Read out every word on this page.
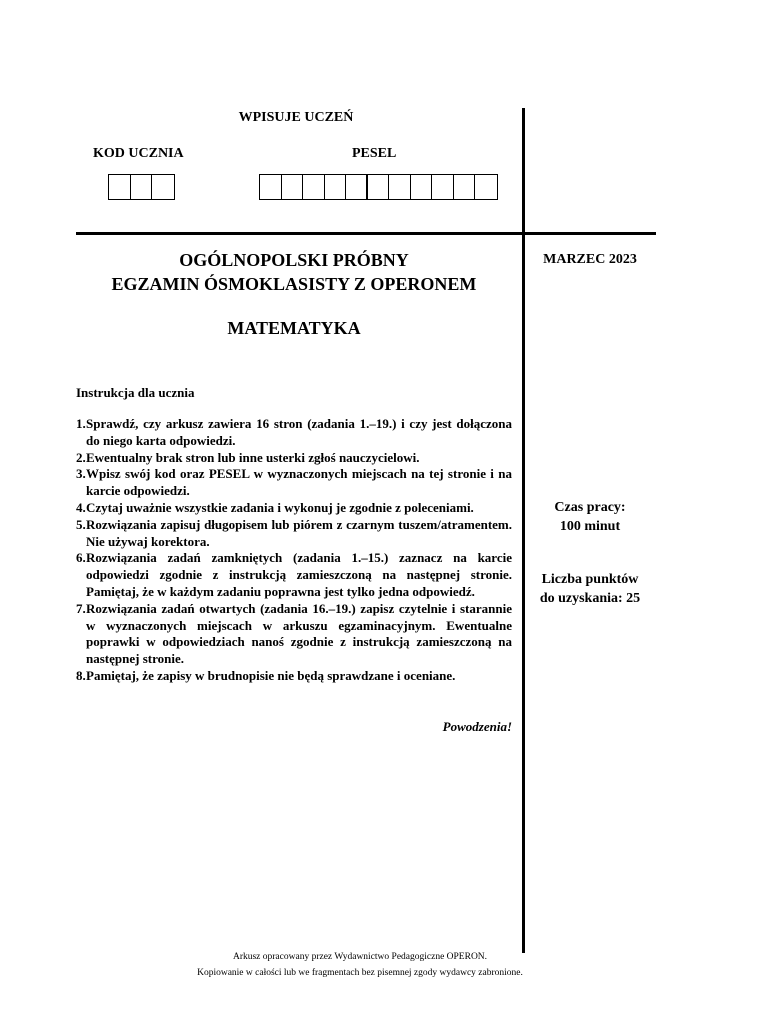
WPISUJE UCZEŃ
KOD UCZNIA	PESEL
OGÓLNOPOLSKI PRÓBNY
EGZAMIN ÓSMOKLASISTY Z OPERONEM
MATEMATYKA
MARZEC 2023
Czas pracy:
100 minut
Liczba punktów
do uzyskania: 25
Instrukcja dla ucznia
1. Sprawdź, czy arkusz zawiera 16 stron (zadania 1.–19.) i czy jest dołączona do niego karta odpowiedzi.
2. Ewentualny brak stron lub inne usterki zgłoś nauczycielowi.
3. Wpisz swój kod oraz PESEL w wyznaczonych miejscach na tej stronie i na karcie odpowiedzi.
4. Czytaj uważnie wszystkie zadania i wykonuj je zgodnie z poleceniami.
5. Rozwiązania zapisuj długopisem lub piórem z czarnym tuszem/atramentem. Nie używaj korektora.
6. Rozwiązania zadań zamkniętych (zadania 1.–15.) zaznacz na karcie odpowiedzi zgodnie z instrukcją zamieszczoną na następnej stronie. Pamiętaj, że w każdym zadaniu poprawna jest tylko jedna odpowiedź.
7. Rozwiązania zadań otwartych (zadania 16.–19.) zapisz czytelnie i starannie w wyznaczonych miejscach w arkuszu egzaminacyjnym. Ewentualne poprawki w odpowiedziach nanoś zgodnie z instrukcją zamieszczoną na następnej stronie.
8. Pamiętaj, że zapisy w brudnopisie nie będą sprawdzane i oceniane.
Powodzenia!
Arkusz opracowany przez Wydawnictwo Pedagogiczne OPERON.
Kopiowanie w całości lub we fragmentach bez pisemnej zgody wydawcy zabronione.
